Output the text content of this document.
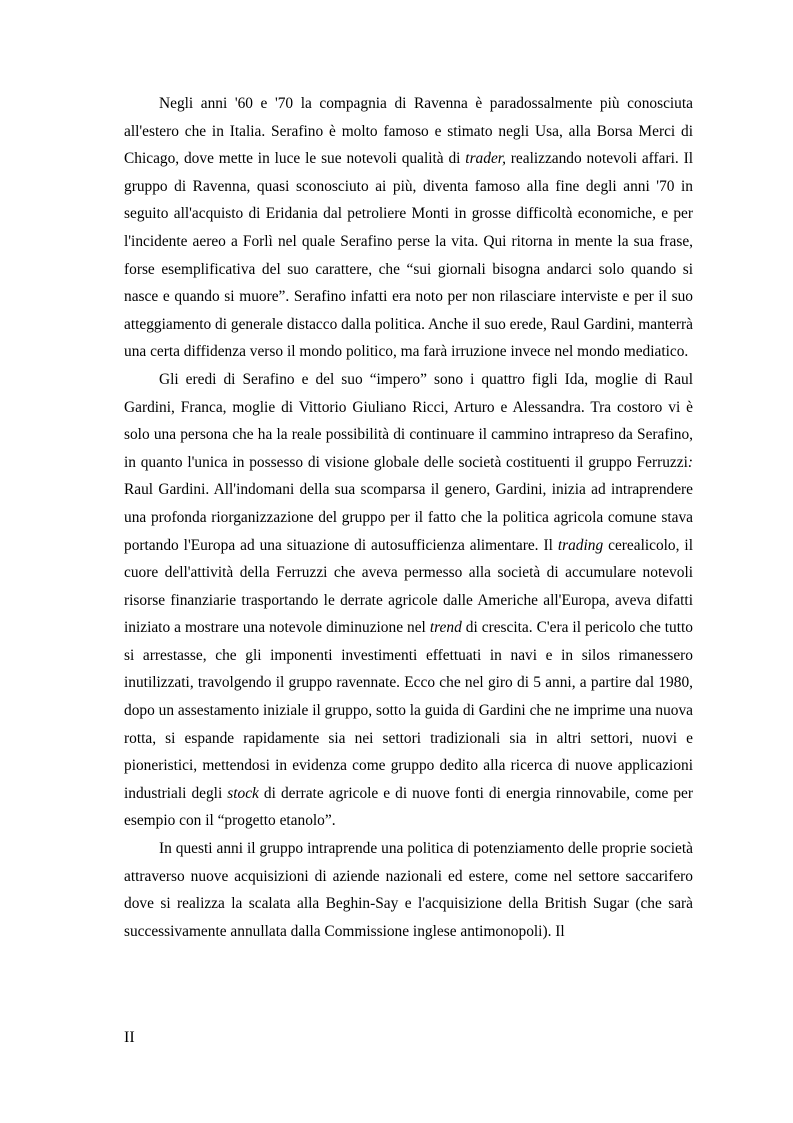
Negli anni '60 e '70 la compagnia di Ravenna è paradossalmente più conosciuta all'estero che in Italia. Serafino è molto famoso e stimato negli Usa, alla Borsa Merci di Chicago, dove mette in luce le sue notevoli qualità di trader, realizzando notevoli affari. Il gruppo di Ravenna, quasi sconosciuto ai più, diventa famoso alla fine degli anni '70 in seguito all'acquisto di Eridania dal petroliere Monti in grosse difficoltà economiche, e per l'incidente aereo a Forlì nel quale Serafino perse la vita. Qui ritorna in mente la sua frase, forse esemplificativa del suo carattere, che “sui giornali bisogna andarci solo quando si nasce e quando si muore”. Serafino infatti era noto per non rilasciare interviste e per il suo atteggiamento di generale distacco dalla politica. Anche il suo erede, Raul Gardini, manterrà una certa diffidenza verso il mondo politico, ma farà irruzione invece nel mondo mediatico.

Gli eredi di Serafino e del suo “impero” sono i quattro figli Ida, moglie di Raul Gardini, Franca, moglie di Vittorio Giuliano Ricci, Arturo e Alessandra. Tra costoro vi è solo una persona che ha la reale possibilità di continuare il cammino intrapreso da Serafino, in quanto l'unica in possesso di visione globale delle società costituenti il gruppo Ferruzzi: Raul Gardini. All'indomani della sua scomparsa il genero, Gardini, inizia ad intraprendere una profonda riorganizzazione del gruppo per il fatto che la politica agricola comune stava portando l'Europa ad una situazione di autosufficienza alimentare. Il trading cerealicolo, il cuore dell'attività della Ferruzzi che aveva permesso alla società di accumulare notevoli risorse finanziarie trasportando le derrate agricole dalle Americhe all'Europa, aveva difatti iniziato a mostrare una notevole diminuzione nel trend di crescita. C'era il pericolo che tutto si arrestasse, che gli imponenti investimenti effettuati in navi e in silos rimanessero inutilizzati, travolgendo il gruppo ravennate. Ecco che nel giro di 5 anni, a partire dal 1980, dopo un assestamento iniziale il gruppo, sotto la guida di Gardini che ne imprime una nuova rotta, si espande rapidamente sia nei settori tradizionali sia in altri settori, nuovi e pioneristici, mettendosi in evidenza come gruppo dedito alla ricerca di nuove applicazioni industriali degli stock di derrate agricole e di nuove fonti di energia rinnovabile, come per esempio con il “progetto etanolo”.

In questi anni il gruppo intraprende una politica di potenziamento delle proprie società attraverso nuove acquisizioni di aziende nazionali ed estere, come nel settore saccarifero dove si realizza la scalata alla Beghin-Say e l'acquisizione della British Sugar (che sarà successivamente annullata dalla Commissione inglese antimonopoli). Il

II
